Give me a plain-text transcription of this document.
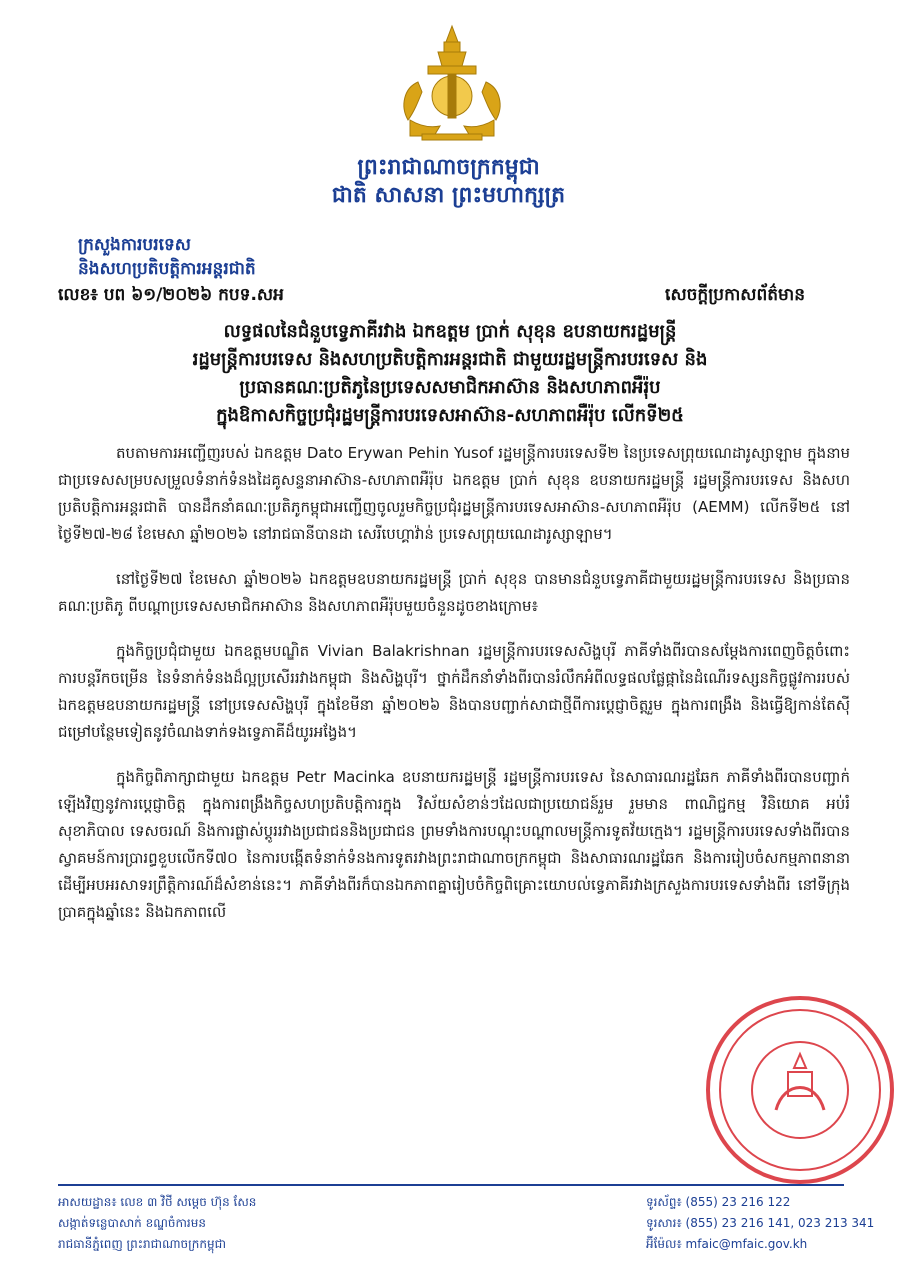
ព្រះរាជាណាចក្រកម្ពុជា
ជាតិ សាសនា ព្រះមហាក្សត្រ
ក្រសួងការបរទេស
និងសហប្រតិបត្តិការអន្តរជាតិ
លេខ៖ បព ៦១/២០២៦ កបទ.សអ	សេចក្តីប្រកាសព័ត៌មាន

លទ្ធផលនៃជំនួបទ្វេភាគីរវាង ឯកឧត្តម ប្រាក់ សុខុន ឧបនាយករដ្ឋមន្ត្រី

រដ្ឋមន្ត្រីការបរទេស និងសហប្រតិបត្តិការអន្តរជាតិ ជាមួយរដ្ឋមន្ត្រីការបរទេស និង

ប្រធានគណៈប្រតិភូនៃប្រទេសសមាជិកអាស៊ាន និងសហភាពអឺរ៉ុប

ក្នុងឱកាសកិច្ចប្រជុំរដ្ឋមន្ត្រីការបរទេសអាស៊ាន-សហភាពអឺរ៉ុប លើកទី២៥

តបតាមការអញ្ជើញរបស់ ឯកឧត្តម Dato Erywan Pehin Yusof រដ្ឋមន្ត្រីការបរទេសទី២ នៃប្រទេសព្រុយណេដារូស្សាឡាម ក្នុងនាមជាប្រទេសសម្របសម្រួលទំនាក់ទំនងដៃគូសន្ទនាអាស៊ាន-សហភាពអឺរ៉ុប ឯកឧត្តម ប្រាក់ សុខុន ឧបនាយករដ្ឋមន្ត្រី រដ្ឋមន្ត្រីការបរទេស និងសហប្រតិបត្តិការអន្តរជាតិ បានដឹកនាំគណៈប្រតិភូកម្ពុជាអញ្ជើញចូលរួមកិច្ចប្រជុំរដ្ឋមន្ត្រីការបរទេសអាស៊ាន-សហភាពអឺរ៉ុប (AEMM) លើកទី២៥ នៅថ្ងៃទី២៧-២៨ ខែមេសា ឆ្នាំ២០២៦ នៅរាជធានីបានដា សេរីបេហ្គាវ៉ាន់ ប្រទេសព្រុយណេដារូស្សាឡាម។

នៅថ្ងៃទី២៧ ខែមេសា ឆ្នាំ២០២៦ ឯកឧត្តមឧបនាយករដ្ឋមន្ត្រី ប្រាក់ សុខុន បានមានជំនួបទ្វេភាគីជាមួយរដ្ឋមន្ត្រីការបរទេស និងប្រធានគណៈប្រតិភូ ពីបណ្តាប្រទេសសមាជិកអាស៊ាន និងសហភាពអឺរ៉ុបមួយចំនួនដូចខាងក្រោម៖

ក្នុងកិច្ចប្រជុំជាមួយ ឯកឧត្តមបណ្ឌិត Vivian Balakrishnan រដ្ឋមន្ត្រីការបរទេសសិង្ហបុរី ភាគីទាំងពីរបានសម្តែងការពេញចិត្តចំពោះការបន្តរីកចម្រើន នៃទំនាក់ទំនងដ៏ល្អប្រសើររវាងកម្ពុជា និងសិង្ហបុរី។ ថ្នាក់ដឹកនាំទាំងពីរបានរំលឹកអំពីលទ្ធផលផ្លែផ្កានៃដំណើរទស្សនកិច្ចផ្លូវការរបស់ឯកឧត្តមឧបនាយករដ្ឋមន្ត្រី នៅប្រទេសសិង្ហបុរី ក្នុងខែមីនា ឆ្នាំ២០២៦ និងបានបញ្ជាក់សាជាថ្មីពីការប្តេជ្ញាចិត្តរួម ក្នុងការពង្រឹង និងធ្វើឱ្យកាន់តែស៊ីជម្រៅបន្ថែមទៀតនូវចំណងទាក់ទងទ្វេភាគីដ៏យូរអង្វែង។

ក្នុងកិច្ចពិភាក្សាជាមួយ ឯកឧត្តម Petr Macinka ឧបនាយករដ្ឋមន្ត្រី រដ្ឋមន្ត្រីការបរទេស នៃសាធារណរដ្ឋឆែក ភាគីទាំងពីរបានបញ្ជាក់ឡើងវិញនូវការប្តេជ្ញាចិត្ត ក្នុងការពង្រឹងកិច្ចសហប្រតិបត្តិការក្នុង វិស័យសំខាន់ៗដែលជាប្រយោជន៍រួម រួមមាន ពាណិជ្ជកម្ម វិនិយោគ អប់រំ សុខាភិបាល ទេសចរណ៍ និងការផ្លាស់ប្តូររវាងប្រជាជននិងប្រជាជន ព្រមទាំងការបណ្តុះបណ្តាលមន្ត្រីការទូតវ័យក្មេង។ រដ្ឋមន្ត្រីការបរទេសទាំងពីរបានស្វាគមន៍ការប្រារព្ធខួបលើកទី៧០ នៃការបង្កើតទំនាក់ទំនងការទូតរវាងព្រះរាជាណាចក្រកម្ពុជា និងសាធារណរដ្ឋឆែក និងការរៀបចំសកម្មភាពនានា ដើម្បីអបអរសាទរព្រឹត្តិការណ៍ដ៏សំខាន់នេះ។ ភាគីទាំងពីរក៏បានឯកភាពគ្នារៀបចំកិច្ចពិគ្រោះយោបល់ទ្វេភាគីរវាងក្រសួងការបរទេសទាំងពីរ នៅទីក្រុងប្រាគក្នុងឆ្នាំនេះ និងឯកភាពលើ

អាសយដ្ឋាន៖ លេខ ៣ វិថី សម្តេច ហ៊ុន សែន
សង្កាត់ទន្លេបាសាក់ ខណ្ឌចំការមន
រាជធានីភ្នំពេញ ព្រះរាជាណាចក្រកម្ពុជា
ទូរស័ព្ទ៖ (855) 23 216 122
ទូរសារ៖ (855) 23 216 141, 023 213 341
អ៊ីម៉ែល៖ mfaic@mfaic.gov.kh
